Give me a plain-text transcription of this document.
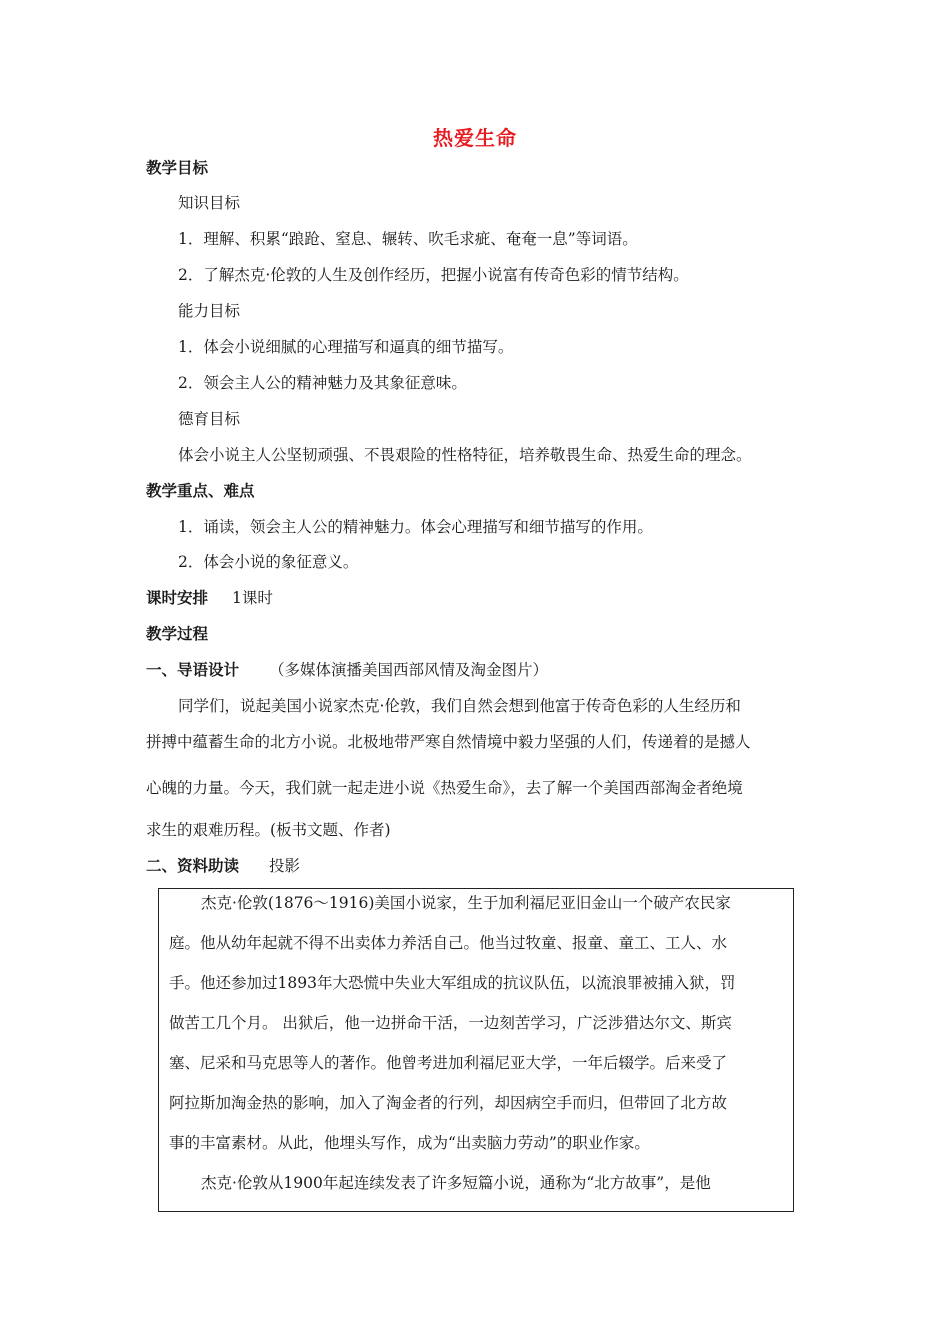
热爱生命
教学目标
知识目标
1．理解、积累“踉跄、窒息、辗转、吹毛求疵、奄奄一息”等词语。
2．了解杰克·伦敦的人生及创作经历，把握小说富有传奇色彩的情节结构。
能力目标
1．体会小说细腻的心理描写和逼真的细节描写。
2．领会主人公的精神魅力及其象征意味。
德育目标
体会小说主人公坚韧顽强、不畏艰险的性格特征，培养敬畏生命、热爱生命的理念。
教学重点、难点
1．诵读，领会主人公的精神魅力。体会心理描写和细节描写的作用。
2．体会小说的象征意义。
课时安排 1课时
教学过程
一、导语设计 （多媒体演播美国西部风情及淘金图片）
同学们，说起美国小说家杰克·伦敦，我们自然会想到他富于传奇色彩的人生经历和
拼搏中蕴蓄生命的北方小说。北极地带严寒自然情境中毅力坚强的人们，传递着的是撼人
心魄的力量。今天，我们就一起走进小说《热爱生命》，去了解一个美国西部淘金者绝境
求生的艰难历程。(板书文题、作者)
二、资料助读 投影
杰克·伦敦(1876～1916)美国小说家，生于加利福尼亚旧金山一个破产农民家
庭。他从幼年起就不得不出卖体力养活自己。他当过牧童、报童、童工、工人、水
手。他还参加过1893年大恐慌中失业大军组成的抗议队伍，以流浪罪被捕入狱，罚
做苦工几个月。 出狱后，他一边拼命干活，一边刻苦学习，广泛涉猎达尔文、斯宾
塞、尼采和马克思等人的著作。他曾考进加利福尼亚大学，一年后辍学。后来受了
阿拉斯加淘金热的影响，加入了淘金者的行列，却因病空手而归，但带回了北方故
事的丰富素材。从此，他埋头写作，成为“出卖脑力劳动”的职业作家。
杰克·伦敦从1900年起连续发表了许多短篇小说，通称为“北方故事”，是他
